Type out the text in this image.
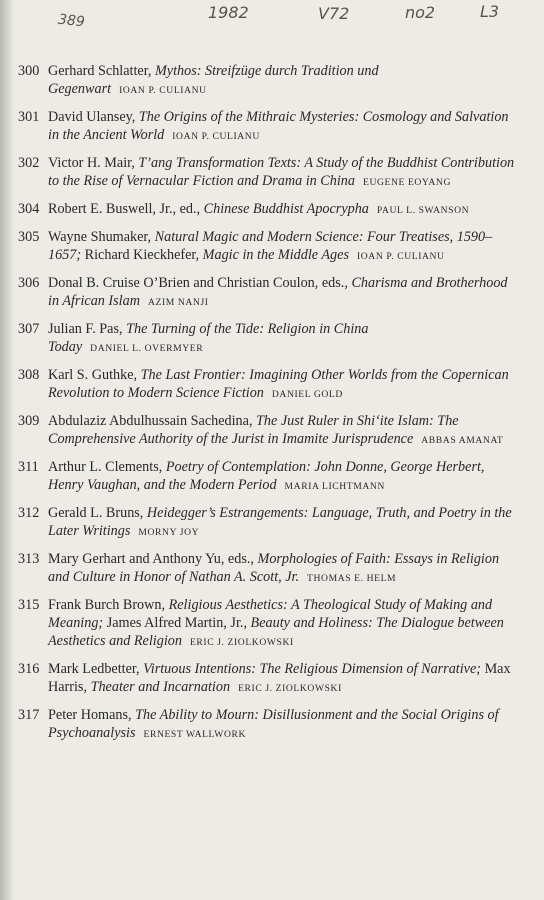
389	1982	V72	no2	L3
300 Gerhard Schlatter, Mythos: Streifzüge durch Tradition und Gegenwart IOAN P. CULIANU
301 David Ulansey, The Origins of the Mithraic Mysteries: Cosmology and Salvation in the Ancient World IOAN P. CULIANU
302 Victor H. Mair, T’ang Transformation Texts: A Study of the Buddhist Contribution to the Rise of Vernacular Fiction and Drama in China EUGENE EOYANG
304 Robert E. Buswell, Jr., ed., Chinese Buddhist Apocrypha PAUL L. SWANSON
305 Wayne Shumaker, Natural Magic and Modern Science: Four Treatises, 1590–1657; Richard Kieckhefer, Magic in the Middle Ages IOAN P. CULIANU
306 Donal B. Cruise O’Brien and Christian Coulon, eds., Charisma and Brotherhood in African Islam AZIM NANJI
307 Julian F. Pas, The Turning of the Tide: Religion in China Today DANIEL L. OVERMYER
308 Karl S. Guthke, The Last Frontier: Imagining Other Worlds from the Copernican Revolution to Modern Science Fiction DANIEL GOLD
309 Abdulaziz Abdulhussain Sachedina, The Just Ruler in Shi‘ite Islam: The Comprehensive Authority of the Jurist in Imamite Jurisprudence ABBAS AMANAT
311 Arthur L. Clements, Poetry of Contemplation: John Donne, George Herbert, Henry Vaughan, and the Modern Period MARIA LICHTMANN
312 Gerald L. Bruns, Heidegger’s Estrangements: Language, Truth, and Poetry in the Later Writings MORNY JOY
313 Mary Gerhart and Anthony Yu, eds., Morphologies of Faith: Essays in Religion and Culture in Honor of Nathan A. Scott, Jr. THOMAS E. HELM
315 Frank Burch Brown, Religious Aesthetics: A Theological Study of Making and Meaning; James Alfred Martin, Jr., Beauty and Holiness: The Dialogue between Aesthetics and Religion ERIC J. ZIOLKOWSKI
316 Mark Ledbetter, Virtuous Intentions: The Religious Dimension of Narrative; Max Harris, Theater and Incarnation ERIC J. ZIOLKOWSKI
317 Peter Homans, The Ability to Mourn: Disillusionment and the Social Origins of Psychoanalysis ERNEST WALLWORK
